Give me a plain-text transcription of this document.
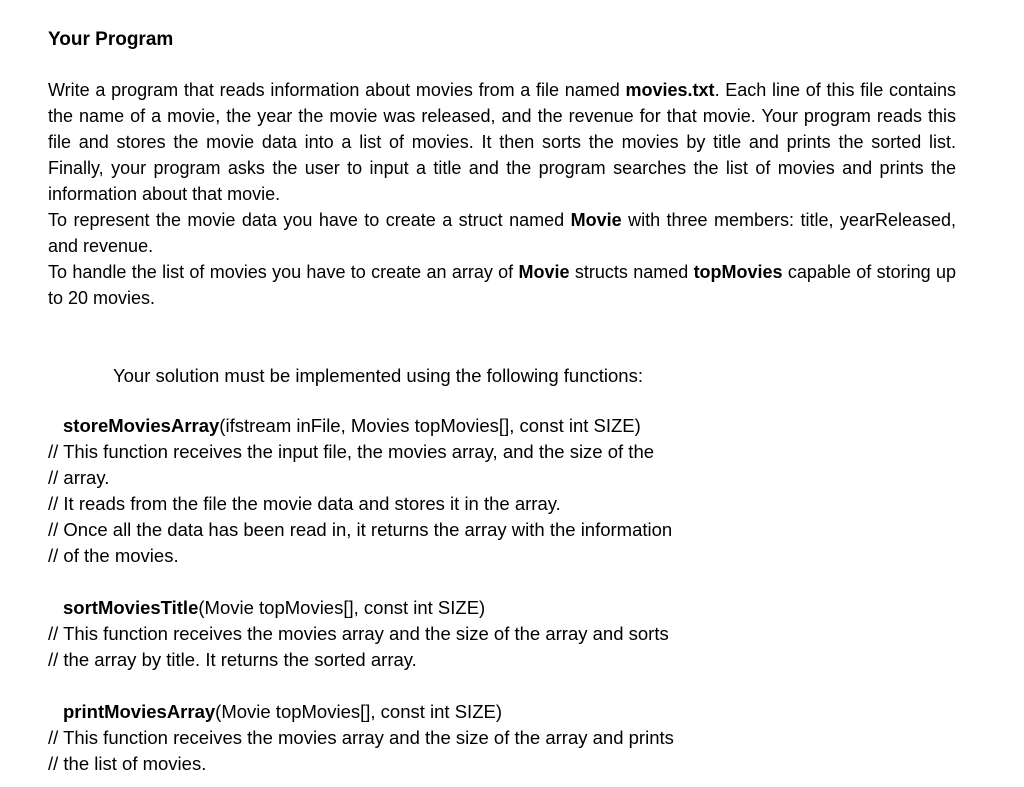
Your Program

Write a program that reads information about movies from a file named movies.txt. Each line of this file contains the name of a movie, the year the movie was released, and the revenue for that movie. Your program reads this file and stores the movie data into a list of movies. It then sorts the movies by title and prints the sorted list. Finally, your program asks the user to input a title and the program searches the list of movies and prints the information about that movie.

To represent the movie data you have to create a struct named Movie with three members: title, yearReleased, and revenue.

To handle the list of movies you have to create an array of Movie structs named topMovies capable of storing up to 20 movies.

Your solution must be implemented using the following functions:
storeMoviesArray(ifstream inFile, Movies topMovies[], const int SIZE)
// This function receives the input file, the movies array, and the size of the
// array.
// It reads from the file the movie data and stores it in the array.
// Once all the data has been read in, it returns the array with the information
// of the movies.
sortMoviesTitle(Movie topMovies[], const int SIZE)
// This function receives the movies array and the size of the array and sorts
// the array by title. It returns the sorted array.
printMoviesArray(Movie topMovies[], const int SIZE)
// This function receives the movies array and the size of the array and prints
// the list of movies.
